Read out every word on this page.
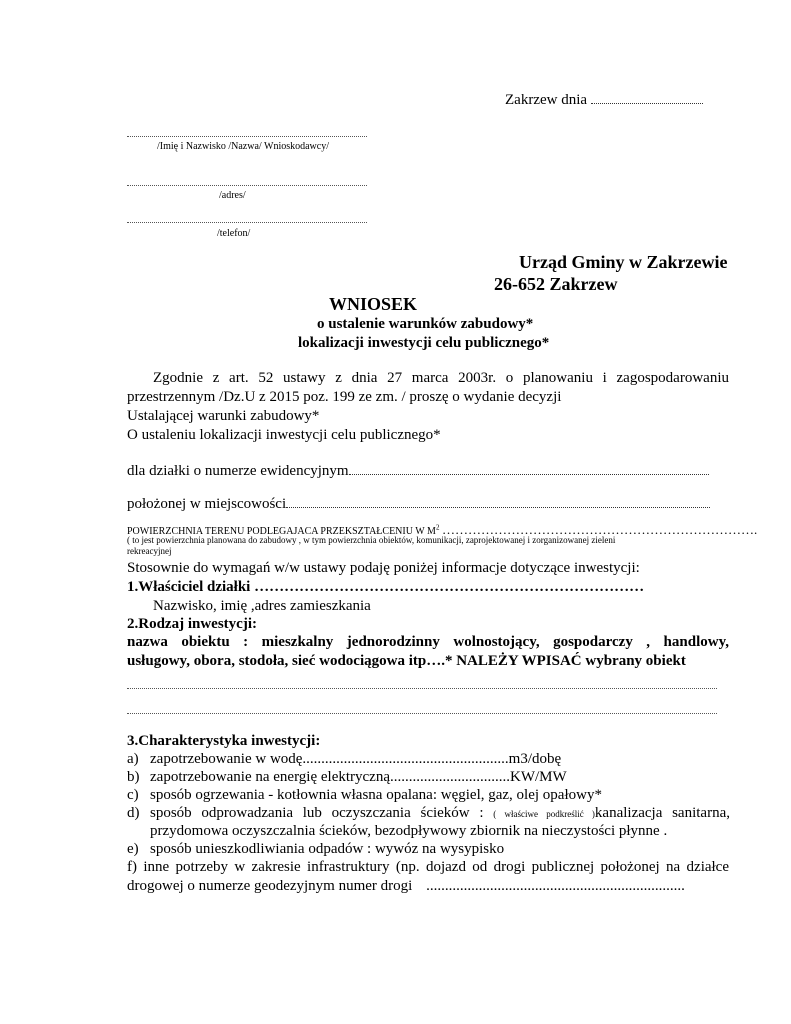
Zakrzew dnia
/Imię i Nazwisko /Nazwa/ Wnioskodawcy/
/adres/
/telefon/
Urząd Gminy w Zakrzewie
26-652 Zakrzew
WNIOSEK
o ustalenie warunków zabudowy*
lokalizacji inwestycji celu publicznego*
Zgodnie z art. 52 ustawy z dnia 27 marca 2003r. o planowaniu i zagospodarowaniu
przestrzennym /Dz.U z 2015 poz. 199 ze zm. / proszę o wydanie decyzji
Ustalającej warunki zabudowy*
O ustaleniu lokalizacji inwestycji celu publicznego*
dla działki o numerze ewidencyjnym
położonej w miejscowości
POWIERZCHNIA TERENU PODLEGAJACA PRZEKSZTAŁCENIU W $M^2$ ……………………………………………………………….
( to jest powierzchnia planowana do zabudowy , w tym powierzchnia obiektów, komunikacji, zaprojektowanej i zorganizowanej zieleni
rekreacyjnej
Stosownie do wymagań w/w ustawy podaję poniżej informacje dotyczące inwestycji:
1.Właściciel działki ……………………………………………………………………
Nazwisko, imię ,adres zamieszkania
2.Rodzaj inwestycji:
nazwa obiektu : mieszkalny jednorodzinny wolnostojący, gospodarczy , handlowy,
usługowy, obora, stodoła, sieć wodociągowa itp….* NALEŻY WPISAĆ wybrany obiekt
3.Charakterystyka inwestycji:
a) zapotrzebowanie w wodę.......................................................m3/dobę
b) zapotrzebowanie na energię elektryczną................................KW/MW
c) sposób ogrzewania - kotłownia własna opalana: węgiel, gaz, olej opałowy*
d) sposób odprowadzania lub oczyszczania ścieków : ( właściwe podkreślić )kanalizacja sanitarna,
przydomowa oczyszczalnia ścieków, bezodpływowy zbiornik na nieczystości płynne .
e) sposób unieszkodliwiania odpadów : wywóz na wysypisko
f) inne potrzeby w zakresie infrastruktury (np. dojazd od drogi publicznej położonej na działce
drogowej o numerze geodezyjnym numer drogi .....................................................................
